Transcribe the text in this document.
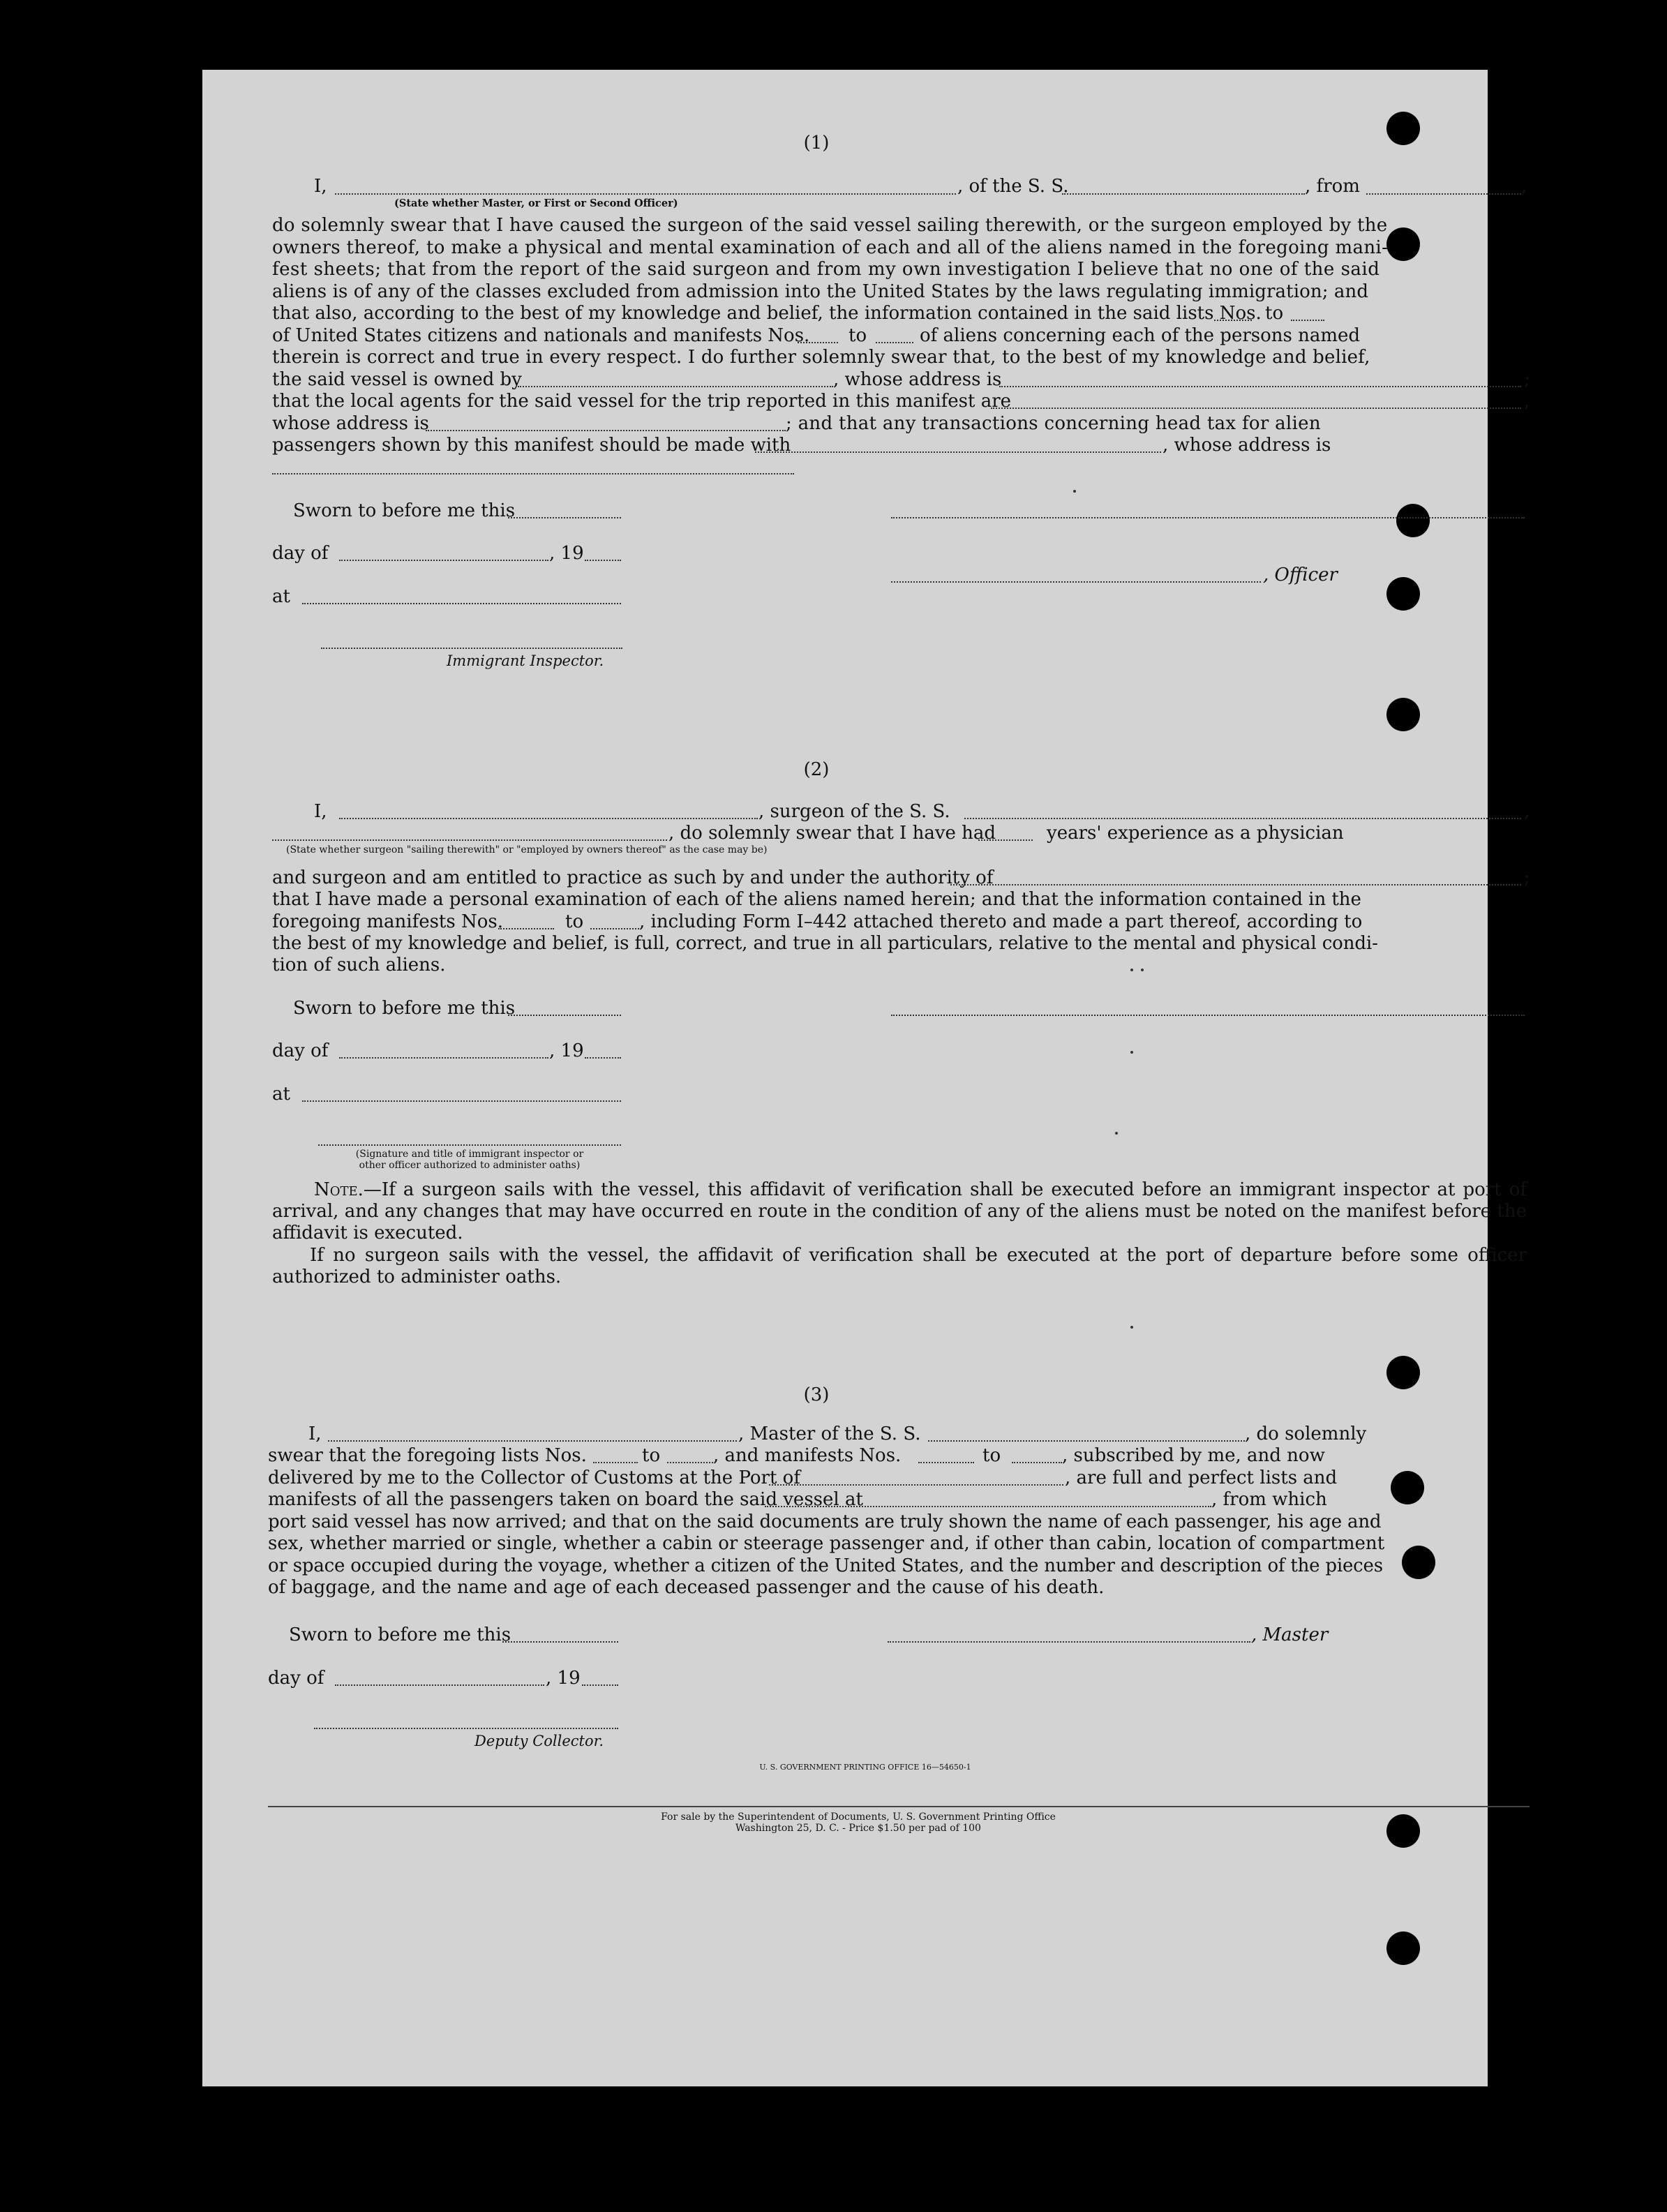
(1)
I,	, of the S. S.	, from	,
(State whether Master, or First or Second Officer)
do solemnly swear that I have caused the surgeon of the said vessel sailing therewith, or the surgeon employed by the
owners thereof, to make a physical and mental examination of each and all of the aliens named in the foregoing mani-
fest sheets; that from the report of the said surgeon and from my own investigation I believe that no one of the said
aliens is of any of the classes excluded from admission into the United States by the laws regulating immigration; and
that also, according to the best of my knowledge and belief, the information contained in the said lists Nos. to
of United States citizens and nationals and manifests Nos. to	of aliens concerning each of the persons named
therein is correct and true in every respect. I do further solemnly swear that, to the best of my knowledge and belief,
the said vessel is owned by	, whose address is	;
that the local agents for the said vessel for the trip reported in this manifest are	,
whose address is	; and that any transactions concerning head tax for alien
passengers shown by this manifest should be made with	, whose address is
Sworn to before me this
day of	, 19
, Officer
at
Immigrant Inspector.
(2)
I,	, surgeon of the S. S.	,
, do solemnly swear that I have had	years' experience as a physician
(State whether surgeon "sailing therewith" or "employed by owners thereof" as the case may be)
and surgeon and am entitled to practice as such by and under the authority of	;
that I have made a personal examination of each of the aliens named herein; and that the information contained in the
foregoing manifests Nos.	to	, including Form I–442 attached thereto and made a part thereof, according to
the best of my knowledge and belief, is full, correct, and true in all particulars, relative to the mental and physical condi-
tion of such aliens.
Sworn to before me this
day of	, 19
at
(Signature and title of immigrant inspector or
other officer authorized to administer oaths)
Note.—If a surgeon sails with the vessel, this affidavit of verification shall be executed before an immigrant inspector at port of arrival, and any changes that may have occurred en route in the condition of any of the aliens must be noted on the manifest before the affidavit is executed.
If no surgeon sails with the vessel, the affidavit of verification shall be executed at the port of departure before some officer authorized to administer oaths.
(3)
I,	, Master of the S. S.	, do solemnly
swear that the foregoing lists Nos.	to	, and manifests Nos.	to	, subscribed by me, and now
delivered by me to the Collector of Customs at the Port of	, are full and perfect lists and
manifests of all the passengers taken on board the said vessel at	, from which
port said vessel has now arrived; and that on the said documents are truly shown the name of each passenger, his age and
sex, whether married or single, whether a cabin or steerage passenger and, if other than cabin, location of compartment
or space occupied during the voyage, whether a citizen of the United States, and the number and description of the pieces
of baggage, and the name and age of each deceased passenger and the cause of his death.
Sworn to before me this	, Master
day of	, 19
Deputy Collector.
U. S. GOVERNMENT PRINTING OFFICE 16—54650-1
For sale by the Superintendent of Documents, U. S. Government Printing Office
Washington 25, D. C. - Price $1.50 per pad of 100
